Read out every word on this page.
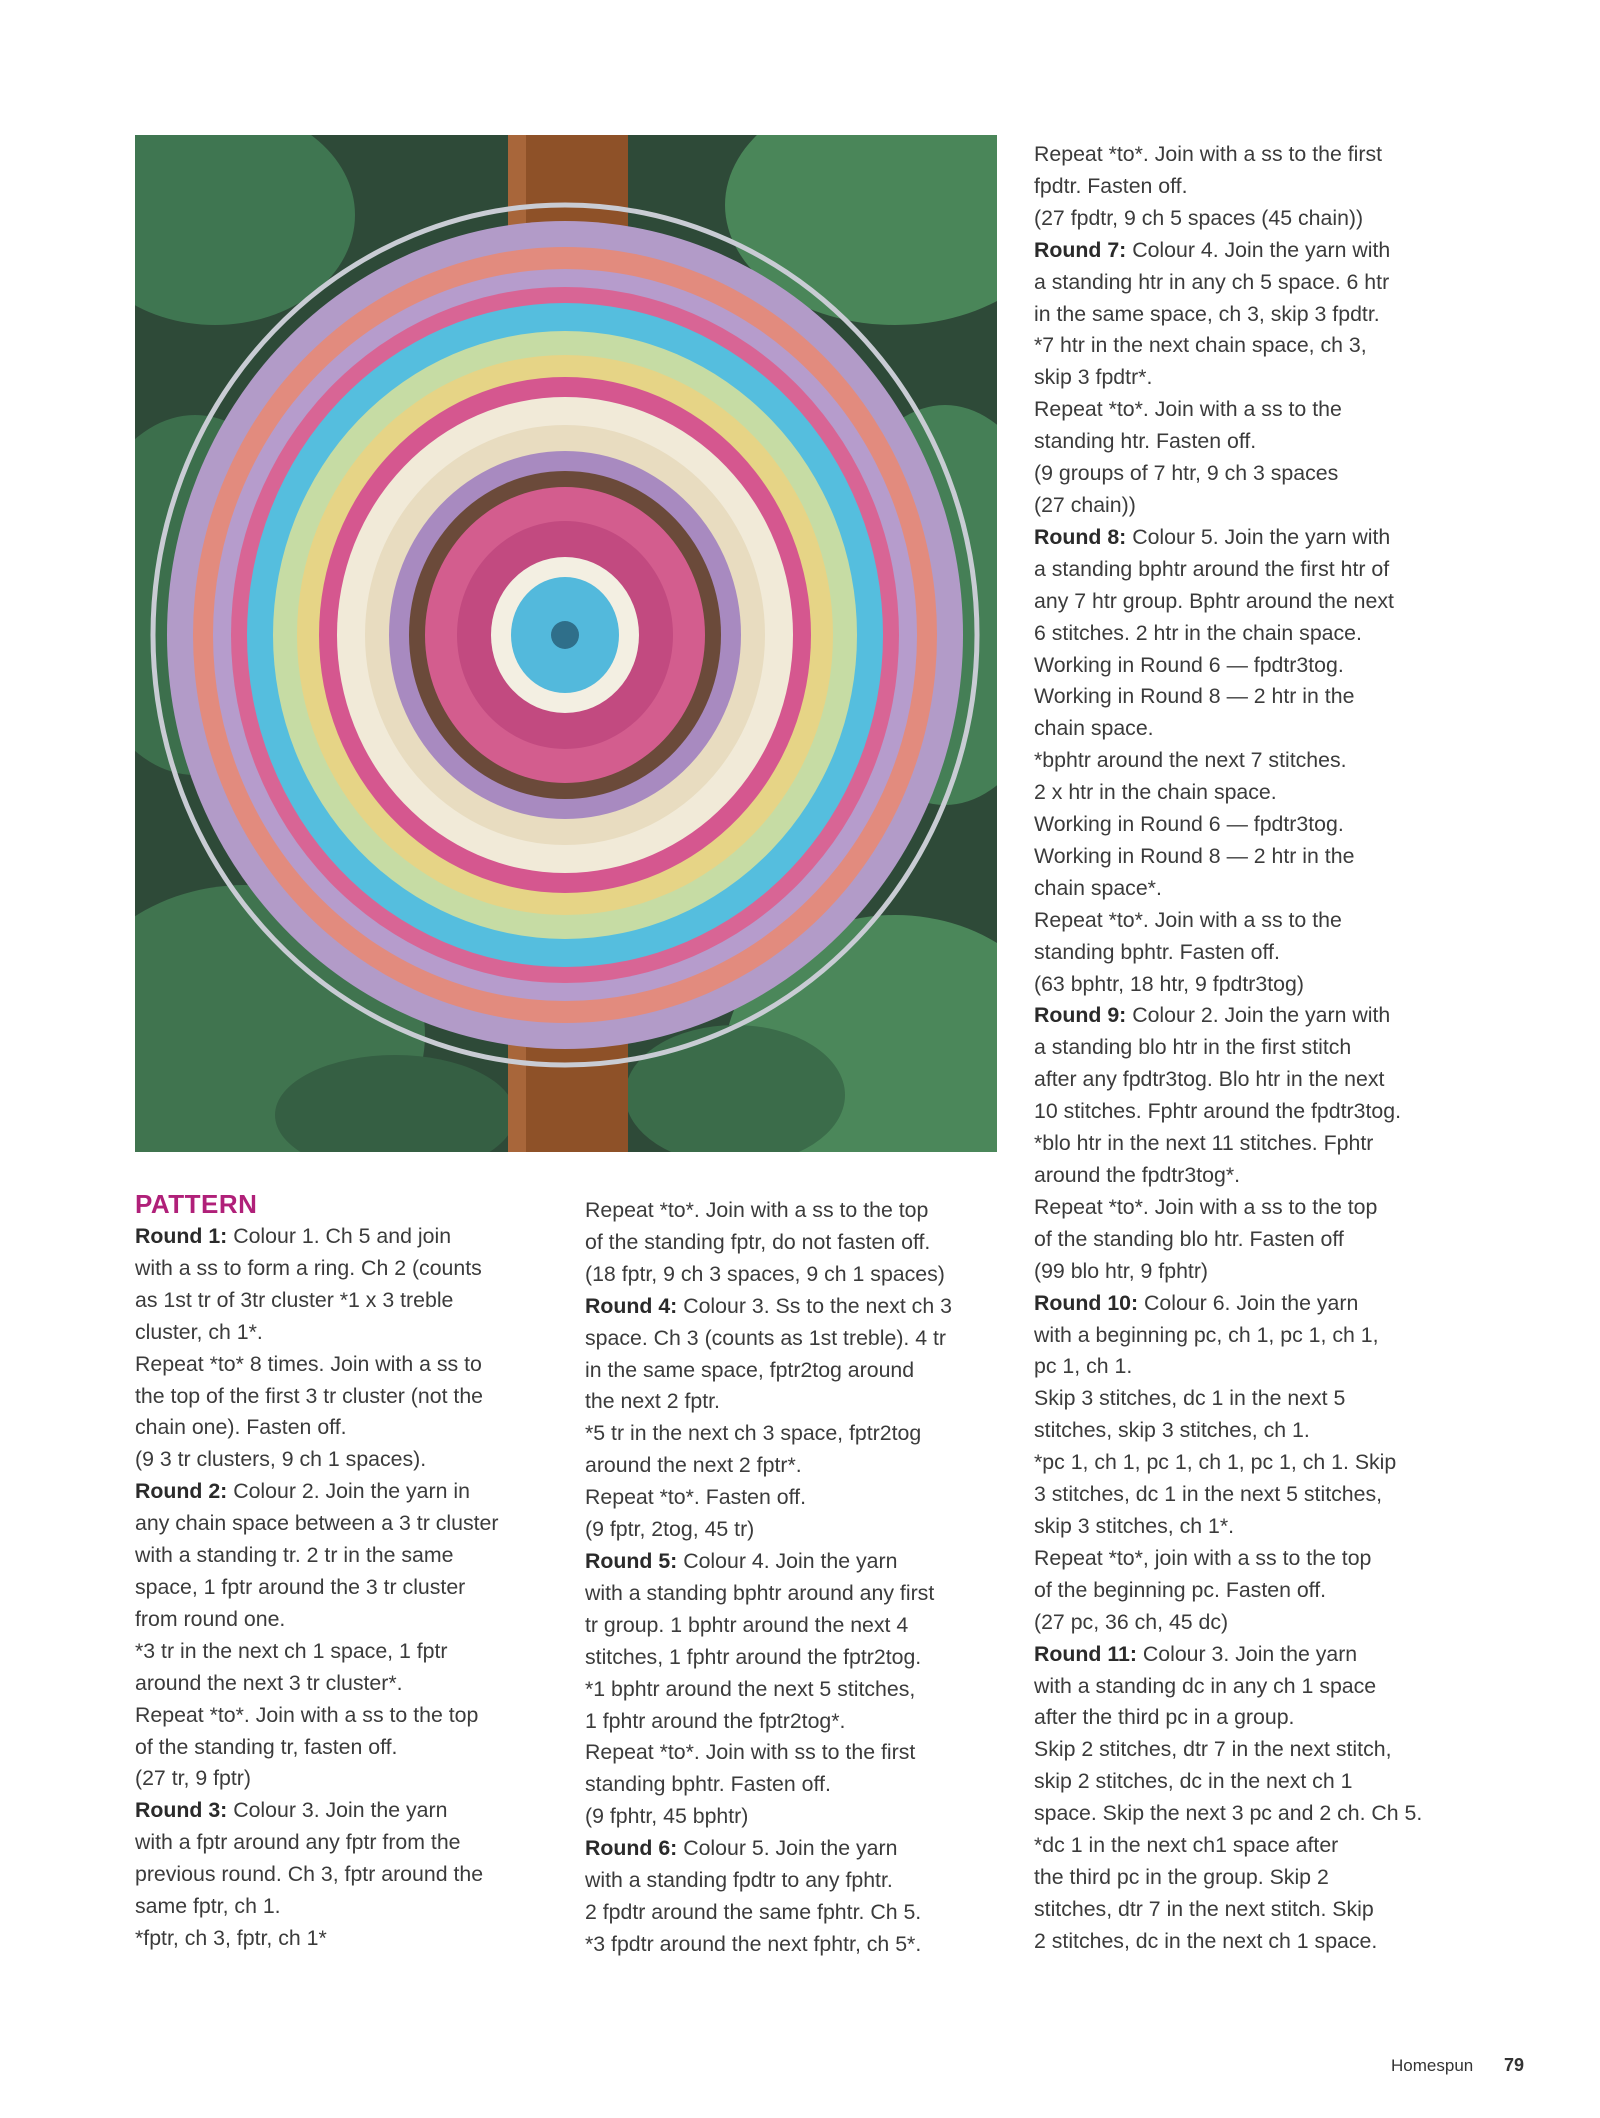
PATTERN
Round 1: Colour 1. Ch 5 and join
with a ss to form a ring. Ch 2 (counts
as 1st tr of 3tr cluster *1 x 3 treble
cluster, ch 1*.
Repeat *to* 8 times. Join with a ss to
the top of the first 3 tr cluster (not the
chain one). Fasten off.
(9 3 tr clusters, 9 ch 1 spaces).
Round 2: Colour 2. Join the yarn in
any chain space between a 3 tr cluster
with a standing tr. 2 tr in the same
space, 1 fptr around the 3 tr cluster
from round one.
*3 tr in the next ch 1 space, 1 fptr
around the next 3 tr cluster*.
Repeat *to*. Join with a ss to the top
of the standing tr, fasten off.
(27 tr, 9 fptr)
Round 3: Colour 3. Join the yarn
with a fptr around any fptr from the
previous round. Ch 3, fptr around the
same fptr, ch 1.
*fptr, ch 3, fptr, ch 1*
Repeat *to*. Join with a ss to the top
of the standing fptr, do not fasten off.
(18 fptr, 9 ch 3 spaces, 9 ch 1 spaces)
Round 4: Colour 3. Ss to the next ch 3
space. Ch 3 (counts as 1st treble). 4 tr
in the same space, fptr2tog around
the next 2 fptr.
*5 tr in the next ch 3 space, fptr2tog
around the next 2 fptr*.
Repeat *to*. Fasten off.
(9 fptr, 2tog, 45 tr)
Round 5: Colour 4. Join the yarn
with a standing bphtr around any first
tr group. 1 bphtr around the next 4
stitches, 1 fphtr around the fptr2tog.
*1 bphtr around the next 5 stitches,
1 fphtr around the fptr2tog*.
Repeat *to*. Join with ss to the first
standing bphtr. Fasten off.
(9 fphtr, 45 bphtr)
Round 6: Colour 5. Join the yarn
with a standing fpdtr to any fphtr.
2 fpdtr around the same fphtr. Ch 5.
*3 fpdtr around the next fphtr, ch 5*.
Repeat *to*. Join with a ss to the first
fpdtr. Fasten off.
(27 fpdtr, 9 ch 5 spaces (45 chain))
Round 7: Colour 4. Join the yarn with
a standing htr in any ch 5 space. 6 htr
in the same space, ch 3, skip 3 fpdtr.
*7 htr in the next chain space, ch 3,
skip 3 fpdtr*.
Repeat *to*. Join with a ss to the
standing htr. Fasten off.
(9 groups of 7 htr, 9 ch 3 spaces
(27 chain))
Round 8: Colour 5. Join the yarn with
a standing bphtr around the first htr of
any 7 htr group. Bphtr around the next
6 stitches. 2 htr in the chain space.
Working in Round 6 — fpdtr3tog.
Working in Round 8 — 2 htr in the
chain space.
*bphtr around the next 7 stitches.
2 x htr in the chain space.
Working in Round 6 — fpdtr3tog.
Working in Round 8 — 2 htr in the
chain space*.
Repeat *to*. Join with a ss to the
standing bphtr. Fasten off.
(63 bphtr, 18 htr, 9 fpdtr3tog)
Round 9: Colour 2. Join the yarn with
a standing blo htr in the first stitch
after any fpdtr3tog. Blo htr in the next
10 stitches. Fphtr around the fpdtr3tog.
*blo htr in the next 11 stitches. Fphtr
around the fpdtr3tog*.
Repeat *to*. Join with a ss to the top
of the standing blo htr. Fasten off
(99 blo htr, 9 fphtr)
Round 10: Colour 6. Join the yarn
with a beginning pc, ch 1, pc 1, ch 1,
pc 1, ch 1.
Skip 3 stitches, dc 1 in the next 5
stitches, skip 3 stitches, ch 1.
*pc 1, ch 1, pc 1, ch 1, pc 1, ch 1. Skip
3 stitches, dc 1 in the next 5 stitches,
skip 3 stitches, ch 1*.
Repeat *to*, join with a ss to the top
of the beginning pc. Fasten off.
(27 pc, 36 ch, 45 dc)
Round 11: Colour 3. Join the yarn
with a standing dc in any ch 1 space
after the third pc in a group.
Skip 2 stitches, dtr 7 in the next stitch,
skip 2 stitches, dc in the next ch 1
space. Skip the next 3 pc and 2 ch. Ch 5.
*dc 1 in the next ch1 space after
the third pc in the group. Skip 2
stitches, dtr 7 in the next stitch. Skip
2 stitches, dc in the next ch 1 space.
Homespun 79
